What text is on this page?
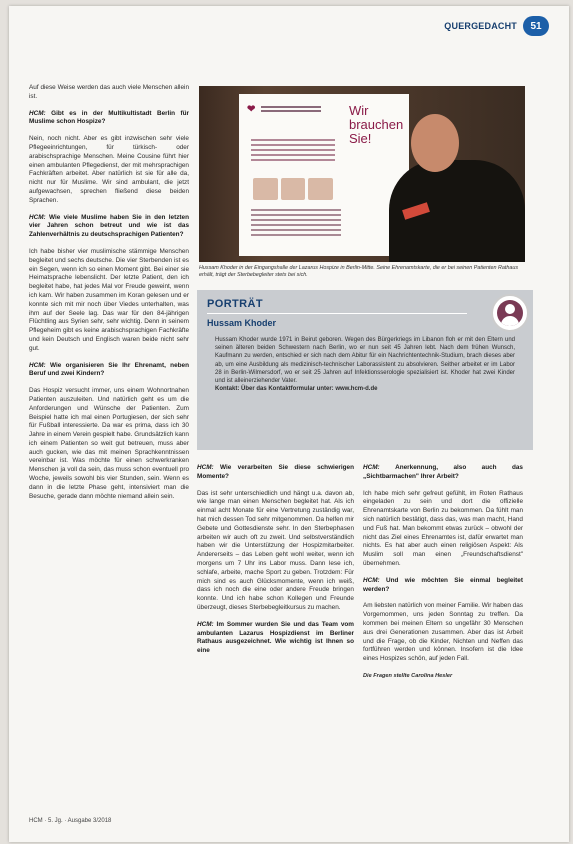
QUERGEDACHT	51

Auf diese Weise werden das auch viele Menschen allein ist.

HCM: Gibt es in der Multikultistadt Berlin für Muslime schon Hospize?

Nein, noch nicht. Aber es gibt inzwischen sehr viele Pflegeeinrichtungen, für türkisch- oder arabischsprachige Menschen. Meine Cousine führt hier einen ambulanten Pflegedienst, der mit mehrsprachigen Fachkräften arbeitet. Aber natürlich ist sie für alle da, nicht nur für Muslime. Wir sind ambulant, die jetzt aufgewachsen, sprechen fließend diese beiden Sprachen.

HCM: Wie viele Muslime haben Sie in den letzten vier Jahren schon betreut und wie ist das Zahlenverhältnis zu deutschsprachigen Patienten?

Ich habe bisher vier muslimische stämmige Menschen begleitet und sechs deutsche. Die vier Sterbenden ist es ein Segen, wenn ich so einen Moment gibt. Bei einer sie Heimatsprache lebenslicht. Der letzte Patient, den ich begleitet habe, hat jedes Mal vor Freude geweint, wenn ich kam. Wir haben zusammen im Koran gelesen und er konnte sich mit mir noch über Viedes unterhalten, was ihm auf der Seele lag. Das war für den 84-jährigen Flüchtling aus Syrien sehr, sehr wichtig. Denn in seinem Pflegeheim gibt es keine arabischsprachigen Fachkräfte und kein Deutsch und Englisch waren beide nicht sehr gut.

HCM: Wie organisieren Sie Ihr Ehrenamt, neben Beruf und zwei Kindern?

Das Hospiz versucht immer, uns einem Wohnortnahen Patienten auszuleiten. Und natürlich geht es um die Anforderungen und Wünsche der Patienten. Zum Beispiel hatte ich mal einen Portugiesen, der sich sehr für Fußball interessierte. Da war es prima, dass ich 30 Jahre in einem Verein gespielt habe. Grundsätzlich kann ich einem Patienten so weit gut betreuen, muss aber auch gucken, wie das mit meinen Sprachkenntnissen vereinbar ist. Was möchte für einen schwerkranken Menschen ja voll da sein, das muss schon eventuell pro Woche, jeweils sowohl bis vier Stunden, sein. Wenn es dann in die letzte Phase geht, intensiviert man die Besuche, gerade dann möchte niemand allein sein.

❤	Wir brauchen Sie!
Hussam Khoder in der Eingangshalle der Lazarus Hospize in Berlin-Mitte. Seine Ehrenamtskarte, die er bei seinen Patienten Rathaus erhält, trägt der Sterbebegleiter stets bei sich.
PORTRÄT
Hussam Khoder

Hussam Khoder wurde 1971 in Beirut geboren. Wegen des Bürgerkriegs im Libanon floh er mit den Eltern und seinen älteren beiden Schwestern nach Berlin, wo er nun seit 45 Jahren lebt. Nach dem frühen Wunsch, Kaufmann zu werden, entschied er sich nach dem Abitur für ein Nachrichtentechnik-Studium, brach dieses aber ab, um eine Ausbildung als medizinisch-technischer Laborassistent zu absolvieren. Seither arbeitet er im Labor 28 in Berlin-Wilmersdorf, wo er seit 25 Jahren auf Infektionsserologie spezialisiert ist. Khoder hat zwei Kinder und ist alleinerziehender Vater.

Kontakt: Über das Kontaktformular unter: www.hcm-d.de

HCM: Wie verarbeiten Sie diese schwierigen Momente?

Das ist sehr unterschiedlich und hängt u.a. davon ab, wie lange man einen Menschen begleitet hat. Als ich einmal acht Monate für eine Vertretung zuständig war, hat mich dessen Tod sehr mitgenommen. Da helfen mir Gebete und Gottesdienste sehr. In den Sterbephasen arbeiten wir auch oft zu zweit. Und selbstverständlich haben wir die Unterstützung der Hospizmitarbeiter. Andererseits – das Leben geht wohl weiter, wenn ich morgens um 7 Uhr ins Labor muss. Dann lese ich, schlafe, arbeite, mache Sport zu geben. Trotzdem: Für mich sind es auch Glücksmomente, wenn ich weiß, dass ich noch die eine oder andere Freude bringen konnte. Und ich habe schon Kollegen und Freunde überzeugt, dieses Sterbebegleitkursus zu machen.

HCM: Im Sommer wurden Sie und das Team vom ambulanten Lazarus Hospizdienst im Berliner Rathaus ausgezeichnet. Wie wichtig ist Ihnen so eine

HCM: Anerkennung, also auch das „Sichtbarmachen" Ihrer Arbeit?

Ich habe mich sehr gefreut gefühlt, im Roten Rathaus eingeladen zu sein und dort die offizielle Ehrenamtskarte von Berlin zu bekommen. Da fühlt man sich natürlich bestätigt, dass das, was man macht, Hand und Fuß hat. Man bekommt etwas zurück – obwohl der nicht das Ziel eines Ehrenamtes ist, dafür erwartet man nichts. Es hat aber auch einen religiösen Aspekt: Als Muslim soll man einen „Freundschaftsdienst" übernehmen.

HCM: Und wie möchten Sie einmal begleitet werden?

Am liebsten natürlich von meiner Familie. Wir haben das Vorgemommen, uns jeden Sonntag zu treffen. Da kommen bei meinen Eltern so ungefähr 30 Menschen aus drei Generationen zusammen. Aber das ist Arbeit und die Frage, ob die Kinder, Nichten und Neffen das fortführen werden und können. Insofern ist die Idee eines Hospizes schön, auf jeden Fall.

Die Fragen stellte Carolina Hesler

HCM · 5. Jg. · Ausgabe 3/2018
